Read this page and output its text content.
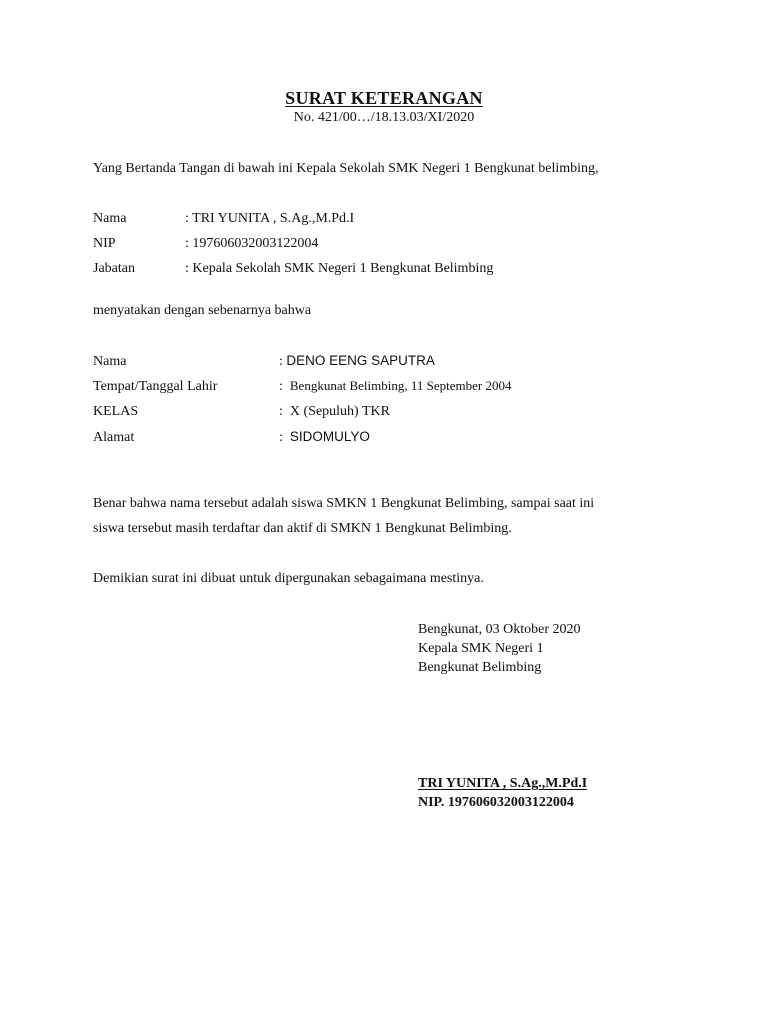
SURAT KETERANGAN
No. 421/00…/18.13.03/XI/2020
Yang Bertanda Tangan di bawah ini Kepala Sekolah SMK Negeri 1 Bengkunat belimbing,
Nama	: TRI YUNITA , S.Ag.,M.Pd.I
NIP	: 197606032003122004
Jabatan	: Kepala Sekolah SMK Negeri 1 Bengkunat Belimbing
menyatakan dengan sebenarnya bahwa
Nama	: DENO EENG SAPUTRA
Tempat/Tanggal Lahir	: Bengkunat Belimbing, 11 September 2004
KELAS	: X (Sepuluh) TKR
Alamat	: SIDOMULYO
Benar bahwa nama tersebut adalah siswa SMKN 1 Bengkunat Belimbing, sampai saat ini
siswa tersebut masih terdaftar dan aktif di SMKN 1 Bengkunat Belimbing.
Demikian surat ini dibuat untuk dipergunakan sebagaimana mestinya.
Bengkunat, 03 Oktober 2020
Kepala SMK Negeri 1
Bengkunat Belimbing
TRI YUNITA , S.Ag.,M.Pd.I
NIP. 197606032003122004
